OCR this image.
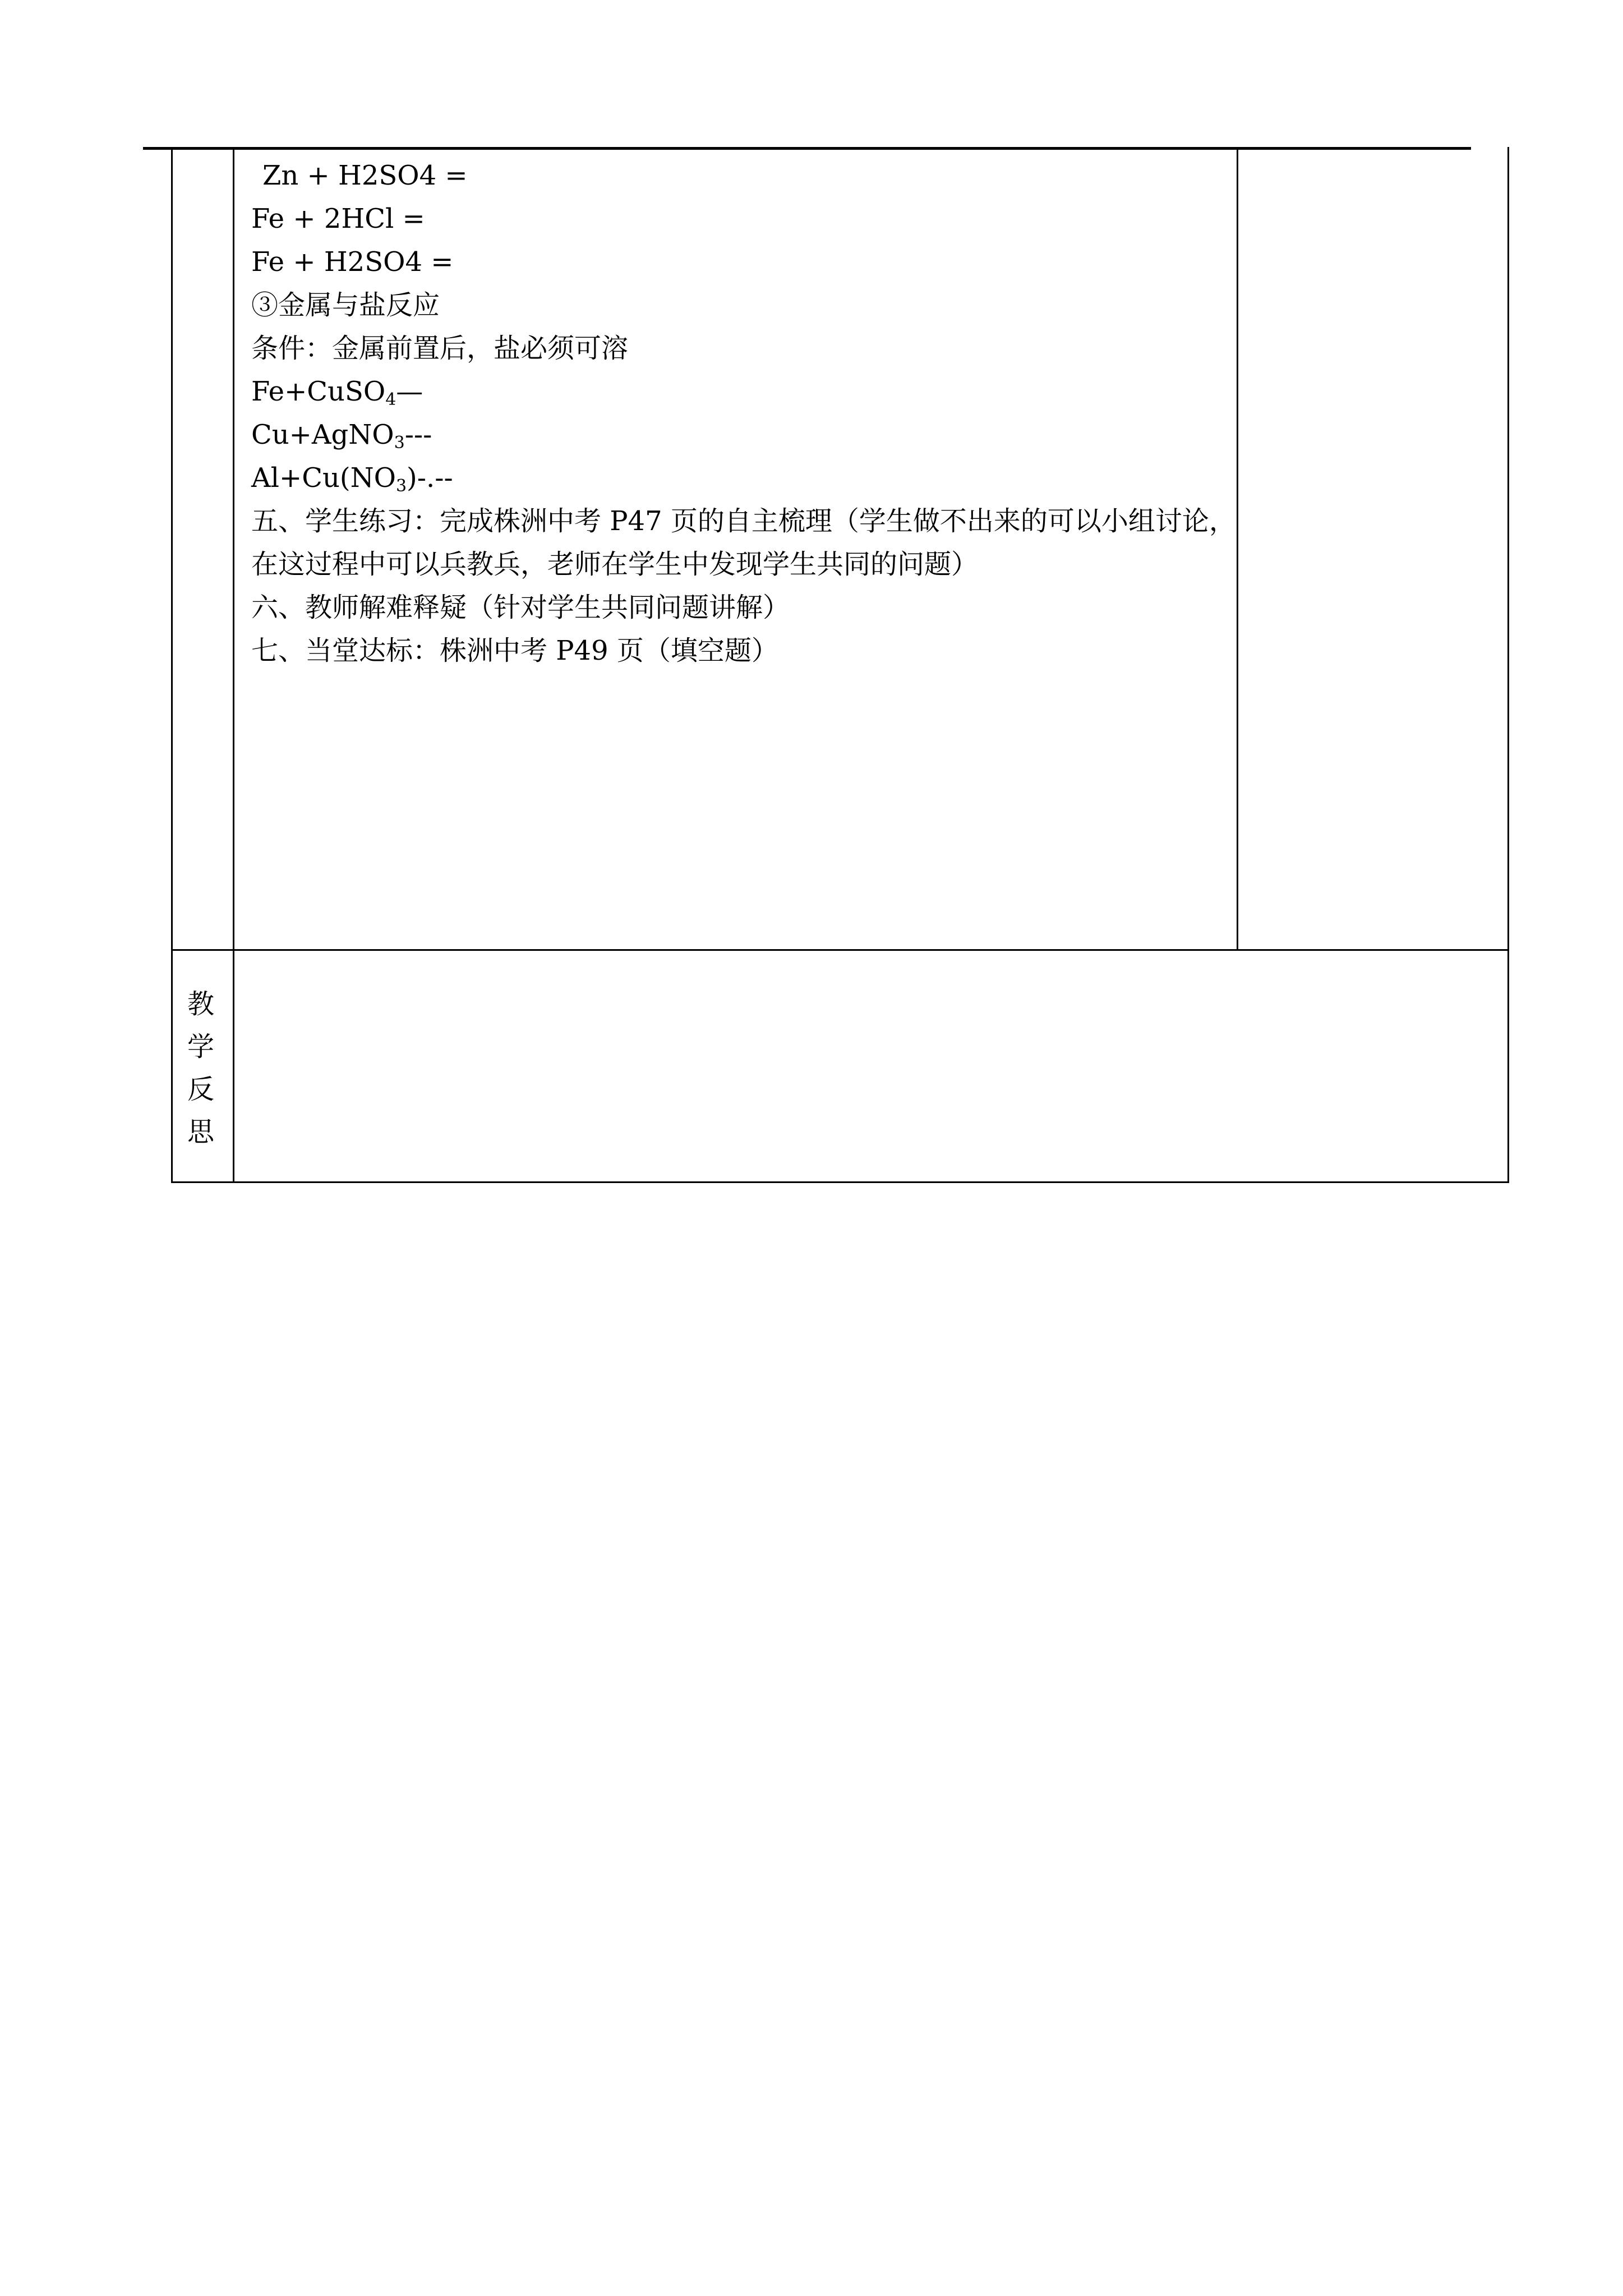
Zn + H2SO4 =
Fe + 2HCl =
Fe + H2SO4 =
③金属与盐反应
条件：金属前置后，盐必须可溶
Fe+CuSO$_4$—
Cu+AgNO$_3$---
$Al+Cu(NO_3)-.--$
五、学生练习：完成株洲中考 P47 页的自主梳理（学生做不出来的可以小组讨论，在这过程中可以兵教兵，老师在学生中发现学生共同的问题）
六、教师解难释疑（针对学生共同问题讲解）
七、当堂达标：株洲中考 P49 页（填空题）
教
学
反
思
